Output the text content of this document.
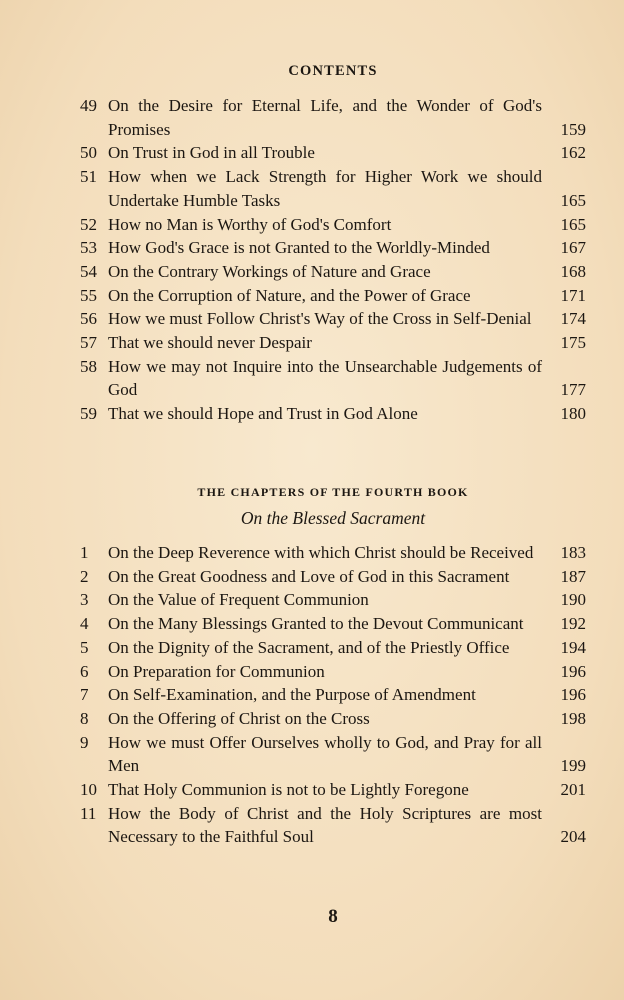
CONTENTS
49 On the Desire for Eternal Life, and the Wonder of God's Promises	159
50 On Trust in God in all Trouble	162
51 How when we Lack Strength for Higher Work we should Undertake Humble Tasks	165
52 How no Man is Worthy of God's Comfort	165
53 How God's Grace is not Granted to the Worldly-Minded	167
54 On the Contrary Workings of Nature and Grace	168
55 On the Corruption of Nature, and the Power of Grace	171
56 How we must Follow Christ's Way of the Cross in Self-Denial	174
57 That we should never Despair	175
58 How we may not Inquire into the Unsearchable Judgements of God	177
59 That we should Hope and Trust in God Alone	180
THE CHAPTERS OF THE FOURTH BOOK
On the Blessed Sacrament
1	On the Deep Reverence with which Christ should be Received	183
2	On the Great Goodness and Love of God in this Sacrament	187
3	On the Value of Frequent Communion	190
4	On the Many Blessings Granted to the Devout Communicant	192
5	On the Dignity of the Sacrament, and of the Priestly Office	194
6	On Preparation for Communion	196
7	On Self-Examination, and the Purpose of Amendment	196
8	On the Offering of Christ on the Cross	198
9	How we must Offer Ourselves wholly to God, and Pray for all Men	199
10 That Holy Communion is not to be Lightly Foregone	201
11 How the Body of Christ and the Holy Scriptures are most Necessary to the Faithful Soul	204
8
